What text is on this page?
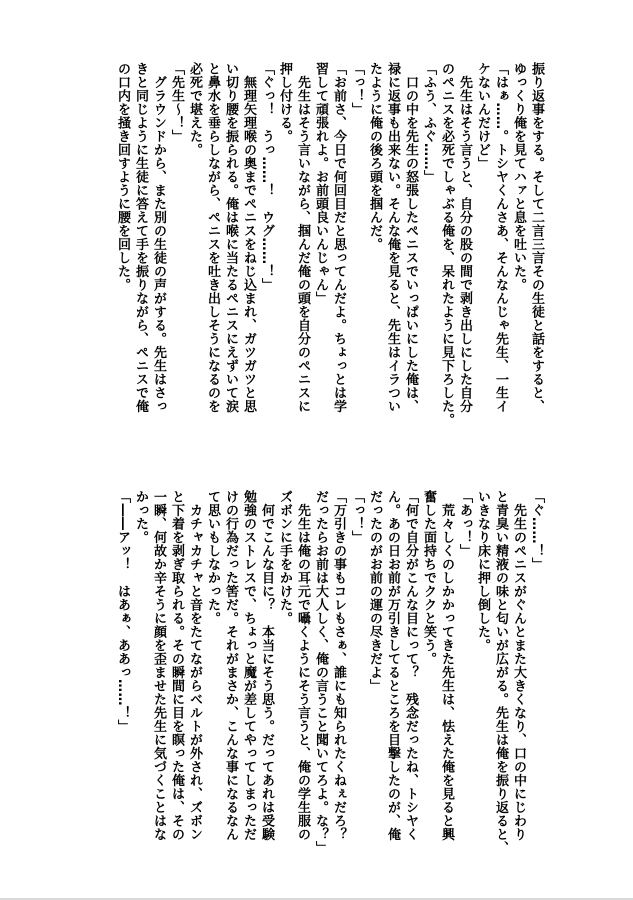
振り返事をする。そして二言三言その生徒と話をすると、

ゆっくり俺を見てハァと息を吐いた。

「はぁ……。トシヤくんさあ、そんなんじゃ先生、一生イ

ケないんだけど」

　先生はそう言うと、自分の股の間で剥き出しにした自分

のペニスを必死でしゃぶる俺を、呆れたように見下ろした。

「ふう、ふぐ……」

　口の中を先生の怒張したペニスでいっぱいにした俺は、

禄に返事も出来ない。そんな俺を見ると、先生はイラつい

たように俺の後ろ頭を掴んだ。

「っ！」

「お前さ、今日で何回目だと思ってんだよ。ちょっとは学

習して頑張れよ。お前頭良いんじゃん」

　先生はそう言いながら、掴んだ俺の頭を自分のペニスに

押し付ける。

「ぐっ！　うっ……！　ウグ……！」

　無理矢理喉の奥までペニスをねじ込まれ、ガツガツと思

い切り腰を振られる。俺は喉に当たるペニスにえずいて涙

と鼻水を垂らしながら、ペニスを吐き出しそうになるのを

必死で堪えた。

「先生〜！」

　グラウンドから、また別の生徒の声がする。先生はさっ

きと同じように生徒に答えて手を振りながら、ペニスで俺

の口内を掻き回すように腰を回した。

「ぐ……！」

　先生のペニスがぐんとまた大きくなり、口の中にじわり

と青臭い精液の味と匂いが広がる。先生は俺を振り返ると、

いきなり床に押し倒した。

「あっ！」

　荒々しくのしかかってきた先生は、怯えた俺を見ると興

奮した面持ちでククと笑う。

「何で自分がこんな目にって？　残念だったね、トシヤく

ん。あの日お前が万引きしてるところを目撃したのが、俺

だったのがお前の運の尽きだよ」

「っ！」

「万引きの事もコレもさぁ、誰にも知られたくねぇだろ？

だったらお前は大人しく、俺の言うこと聞いてろよ。な？」

　先生は俺の耳元で囁くようにそう言うと、俺の学生服の

ズボンに手をかけた。

　何でこんな目に？　本当にそう思う。だってあれは受験

勉強のストレスで、ちょっと魔が差してやってしまっただ

けの行為だった筈だ。それがまさか、こんな事になるなん

て思いもしなかった。

　カチャカチャと音をたてながらベルトが外され、ズボン

と下着を剥ぎ取られる。その瞬間に目を瞑った俺は、その

一瞬、何故か辛そうに顔を歪ませた先生に気づくことはな

かった。

「――アッ！　はあぁ、ああっ……！」
